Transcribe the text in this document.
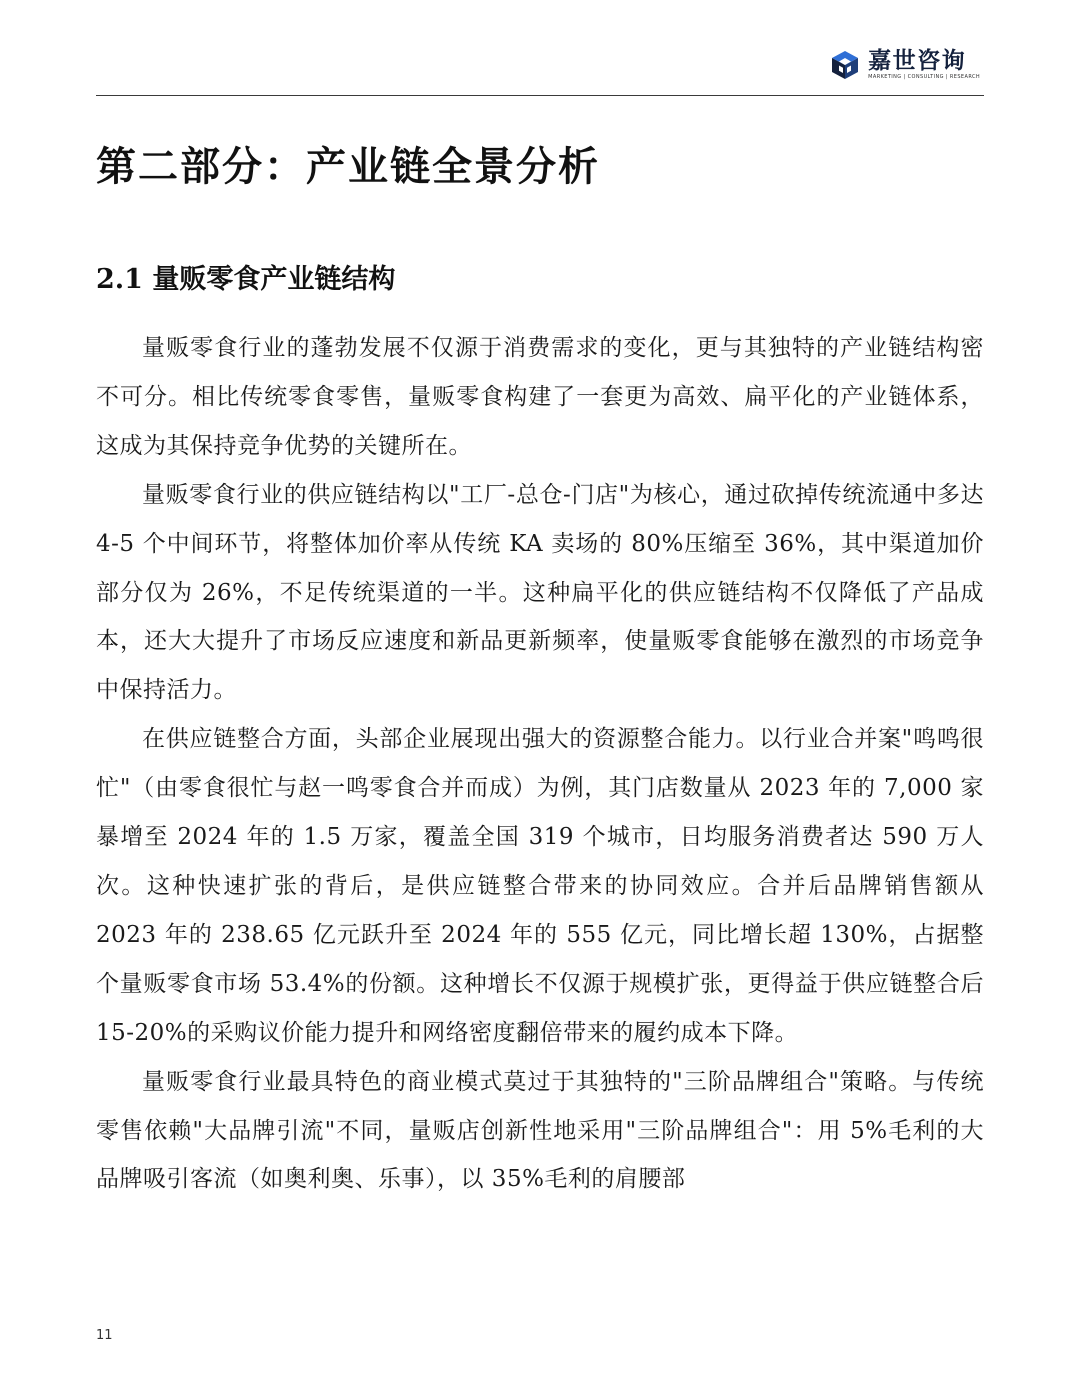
嘉世咨询
MARKETING | CONSULTING | RESEARCH
第二部分：产业链全景分析
2.1 量贩零食产业链结构

量贩零食行业的蓬勃发展不仅源于消费需求的变化，更与其独特的产业链结构密不可分。相比传统零食零售，量贩零食构建了一套更为高效、扁平化的产业链体系，这成为其保持竞争优势的关键所在。

量贩零食行业的供应链结构以"工厂-总仓-门店"为核心，通过砍掉传统流通中多达 4-5 个中间环节，将整体加价率从传统 KA 卖场的 80%压缩至 36%，其中渠道加价部分仅为 26%，不足传统渠道的一半。这种扁平化的供应链结构不仅降低了产品成本，还大大提升了市场反应速度和新品更新频率，使量贩零食能够在激烈的市场竞争中保持活力。

在供应链整合方面，头部企业展现出强大的资源整合能力。以行业合并案"鸣鸣很忙"（由零食很忙与赵一鸣零食合并而成）为例，其门店数量从 2023 年的 7,000 家暴增至 2024 年的 1.5 万家，覆盖全国 319 个城市，日均服务消费者达 590 万人次。这种快速扩张的背后，是供应链整合带来的协同效应。合并后品牌销售额从 2023 年的 238.65 亿元跃升至 2024 年的 555 亿元，同比增长超 130%，占据整个量贩零食市场 53.4%的份额。这种增长不仅源于规模扩张，更得益于供应链整合后 15-20%的采购议价能力提升和网络密度翻倍带来的履约成本下降。

量贩零食行业最具特色的商业模式莫过于其独特的"三阶品牌组合"策略。与传统零售依赖"大品牌引流"不同，量贩店创新性地采用"三阶品牌组合"：用 5%毛利的大品牌吸引客流（如奥利奥、乐事），以 35%毛利的肩腰部

11
